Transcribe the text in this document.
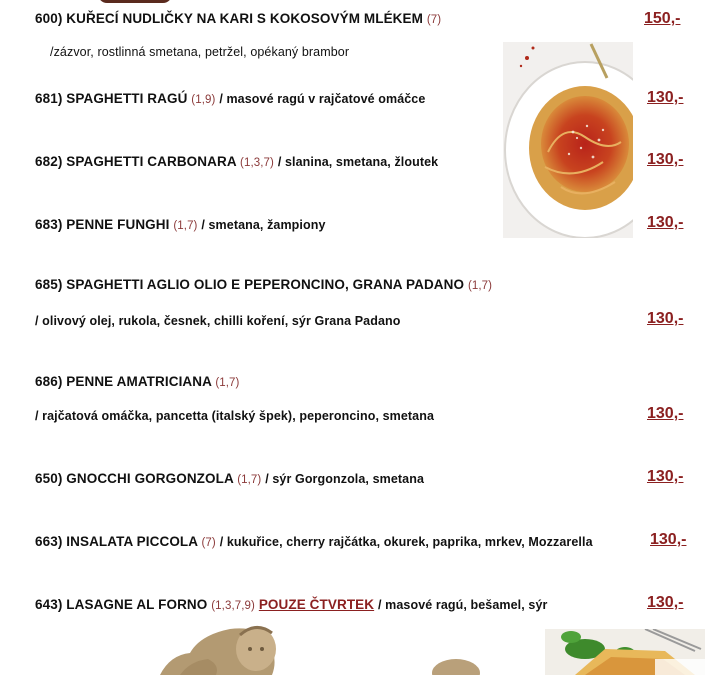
600) KUŘECÍ NUDLIČKY NA KARI S KOKOSOVÝM MLÉKEM (7)	150,-
/zázvor, rostlinná smetana, petržel, opékaný brambor
681) SPAGHETTI RAGÚ (1,9) / masové ragú v rajčatové omáčce	130,-
682) SPAGHETTI CARBONARA (1,3,7) / slanina, smetana, žloutek	130,-
683) PENNE FUNGHI (1,7) / smetana, žampiony	130,-
685) SPAGHETTI AGLIO OLIO E PEPERONCINO, GRANA PADANO (1,7)
/ olivový olej, rukola, česnek, chilli koření, sýr Grana Padano	130,-
686) PENNE AMATRICIANA (1,7)
/ rajčatová omáčka, pancetta (italský špek), peperoncino, smetana	130,-
650) GNOCCHI GORGONZOLA (1,7) / sýr Gorgonzola, smetana	130,-
663) INSALATA PICCOLA (7) / kukuřice, cherry rajčátka, okurek, paprika, mrkev, Mozzarella	130,-
643) LASAGNE AL FORNO (1,3,7,9) POUZE ČTVRTEK / masové ragú, bešamel, sýr	130,-
